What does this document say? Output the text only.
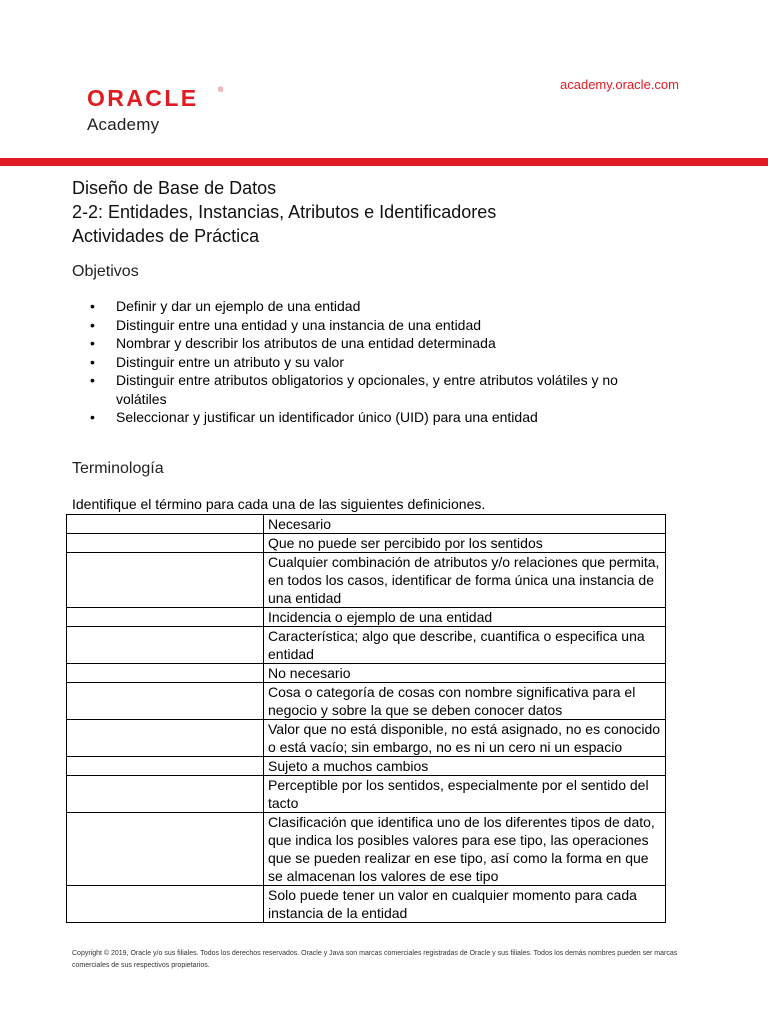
ORACLE	®
Academy
academy.oracle.com
Diseño de Base de Datos
2-2: Entidades, Instancias, Atributos e Identificadores
Actividades de Práctica
Objetivos
• Definir y dar un ejemplo de una entidad
• Distinguir entre una entidad y una instancia de una entidad
• Nombrar y describir los atributos de una entidad determinada
• Distinguir entre un atributo y su valor
• Distinguir entre atributos obligatorios y opcionales, y entre atributos volátiles y no volátiles
• Seleccionar y justificar un identificador único (UID) para una entidad
Terminología
Identifique el término para cada una de las siguientes definiciones.
	Necesario
	Que no puede ser percibido por los sentidos
	Cualquier combinación de atributos y/o relaciones que permita, en todos los casos, identificar de forma única una instancia de una entidad
	Incidencia o ejemplo de una entidad
	Característica; algo que describe, cuantifica o especifica una entidad
	No necesario
	Cosa o categoría de cosas con nombre significativa para el negocio y sobre la que se deben conocer datos
	Valor que no está disponible, no está asignado, no es conocido o está vacío; sin embargo, no es ni un cero ni un espacio
	Sujeto a muchos cambios
	Perceptible por los sentidos, especialmente por el sentido del tacto
	Clasificación que identifica uno de los diferentes tipos de dato, que indica los posibles valores para ese tipo, las operaciones que se pueden realizar en ese tipo, así como la forma en que se almacenan los valores de ese tipo
	Solo puede tener un valor en cualquier momento para cada instancia de la entidad
Copyright © 2019, Oracle y/o sus filiales. Todos los derechos reservados. Oracle y Java son marcas comerciales registradas de Oracle y sus filiales. Todos los demás nombres pueden ser marcas comerciales de sus respectivos propietarios.
